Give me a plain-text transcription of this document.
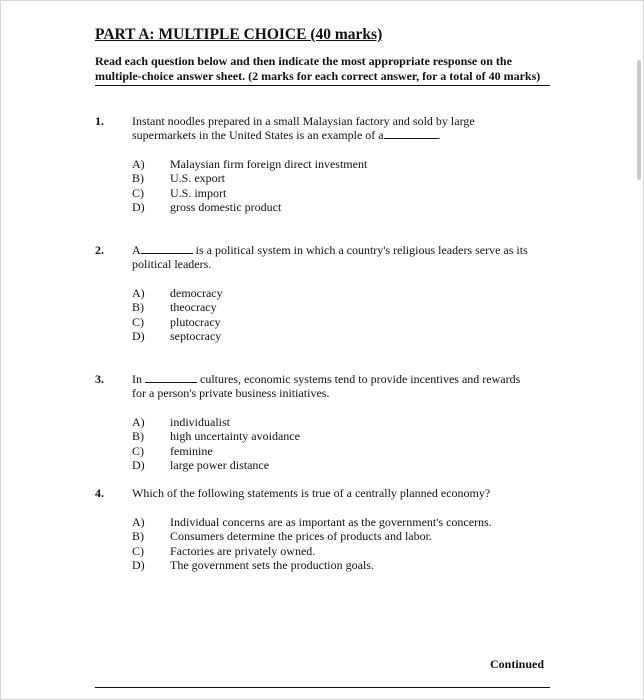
PART A: MULTIPLE CHOICE (40 marks)
Read each question below and then indicate the most appropriate response on the
multiple-choice answer sheet. (2 marks for each correct answer, for a total of 40 marks)
1. Instant noodles prepared in a small Malaysian factory and sold by large
supermarkets in the United States is an example of a	.
A) Malaysian firm foreign direct investment
B) U.S. export
C) U.S. import
D) gross domestic product
2. A	is a political system in which a country's religious leaders serve as its
political leaders.
A) democracy
B) theocracy
C) plutocracy
D) septocracy
3. In	cultures, economic systems tend to provide incentives and rewards
for a person's private business initiatives.
A) individualist
B) high uncertainty avoidance
C) feminine
D) large power distance
4. Which of the following statements is true of a centrally planned economy?
A) Individual concerns are as important as the government's concerns.
B) Consumers determine the prices of products and labor.
C) Factories are privately owned.
D) The government sets the production goals.
Continued
